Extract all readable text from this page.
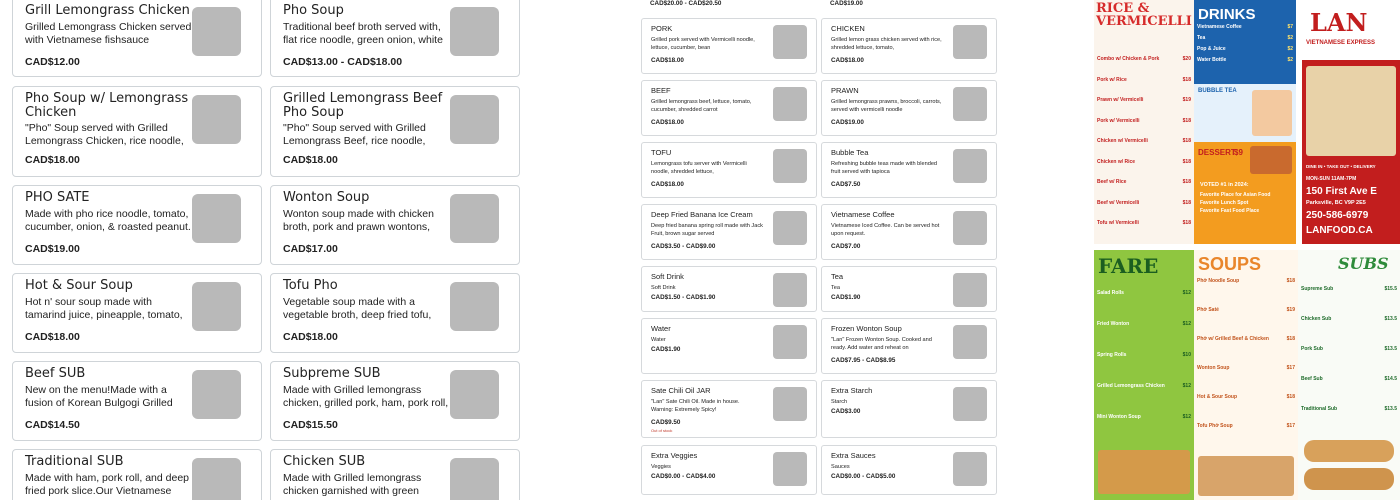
Grill Lemongrass Chicken
Grilled Lemongrass Chicken served with Vietnamese fishsauce
CAD$12.00
Pho Soup
Traditional beef broth served with, flat rice noodle, green onion, white
CAD$13.00 - CAD$18.00
Pho Soup w/ Lemongrass Chicken
"Pho" Soup served with Grilled Lemongrass Chicken, rice noodle,
CAD$18.00
Grilled Lemongrass Beef Pho Soup
"Pho" Soup served with Grilled Lemongrass Beef, rice noodle,
CAD$18.00
PHO SATE
Made with pho rice noodle, tomato, cucumber, onion, & roasted peanut.
CAD$19.00
Wonton Soup
Wonton soup made with chicken broth, pork and prawn wontons,
CAD$17.00
Hot & Sour Soup
Hot n' sour soup made with tamarind juice, pineapple, tomato,
CAD$18.00
Tofu Pho
Vegetable soup made with a vegetable broth, deep fried tofu,
CAD$18.00
Beef SUB
New on the menu!Made with a fusion of Korean Bulgogi Grilled
CAD$14.50
Subpreme SUB
Made with Grilled lemongrass chicken, grilled pork, ham, pork roll,
CAD$15.50
Traditional SUB
Made with ham, pork roll, and deep fried pork slice.Our Vietnamese
Chicken SUB
Made with Grilled lemongrass chicken garnished with green
CAD$20.00 - CAD$20.50	CAD$19.00
PORK
Grilled pork served with Vermicelli noodle, lettuce, cucumber, bean
CAD$18.00
CHICKEN
Grilled lemon grass chicken served with rice, shredded lettuce, tomato,
CAD$18.00
BEEF
Grilled lemongrass beef, lettuce, tomato, cucumber, shredded carrot
CAD$18.00
PRAWN
Grilled lemongrass prawns, broccoli, carrots, served with vermicelli noodle
CAD$19.00
TOFU
Lemongrass tofu server with Vermicelli noodle, shredded lettuce,
CAD$18.00
Bubble Tea
Refreshing bubble teas made with blended fruit served with tapioca
CAD$7.50
Deep Fried Banana Ice Cream
Deep fried banana spring roll made with Jack Fruit, brown sugar served
CAD$3.50 - CAD$9.00
Vietnamese Coffee
Vietnamese Iced Coffee. Can be served hot upon request.
CAD$7.00
Soft Drink
Soft Drink
CAD$1.50 - CAD$1.90
Tea
Tea
CAD$1.90
Water
Water
CAD$1.90
Frozen Wonton Soup
"Lan" Frozen Wonton Soup. Cooked and ready. Add water and reheat on
CAD$7.95 - CAD$8.95
Sate Chili Oil JAR
"Lan" Sate Chili Oil. Made in house. Warning: Extremely Spicy!
CAD$9.50
Out of stock
Extra Starch
Starch
CAD$3.00
Extra Veggies
Veggies
CAD$0.00 - CAD$4.00
Extra Sauces
Sauces
CAD$0.00 - CAD$5.00
RICE & VERMICELLI
Combo w/ Chicken & Pork	$20
Pork w/ Rice	$18
Prawn w/ Vermicelli	$19
Pork w/ Vermicelli	$18
Chicken w/ Vermicelli	$18
Chicken w/ Rice	$18
Beef w/ Rice	$18
Beef w/ Vermicelli	$18
Tofu w/ Vermicelli	$18
DRINKS
Vietnamese Coffee	$7
Tea	$2
Pop & Juice	$2
Water Bottle	$2
BUBBLE TEA
DESSERT
$9
VOTED #1 in 2024:
Favorite Place for Asian Food
Favorite Lunch Spot
Favorite Fast Food Place
LAN
VIETNAMESE EXPRESS
DINE IN • TAKE OUT • DELIVERY
MON-SUN 11AM-7PM
150 First Ave E
Parksville, BC V9P 2E5
250-586-6979
LANFOOD.CA
FARE
Salad Rolls	$12
Fried Wonton	$12
Spring Rolls	$10
Grilled Lemongrass Chicken	$12
Mini Wonton Soup	$12
SOUPS
Phở Noodle Soup	$18
Phở Saté	$19
Phở w/ Grilled Beef & Chicken	$18
Wonton Soup	$17
Hot & Sour Soup	$18
Tofu Phở Soup	$17
SUBS
Supreme Sub	$15.5
Chicken Sub	$13.5
Pork Sub	$13.5
Beef Sub	$14.5
Traditional Sub	$13.5
